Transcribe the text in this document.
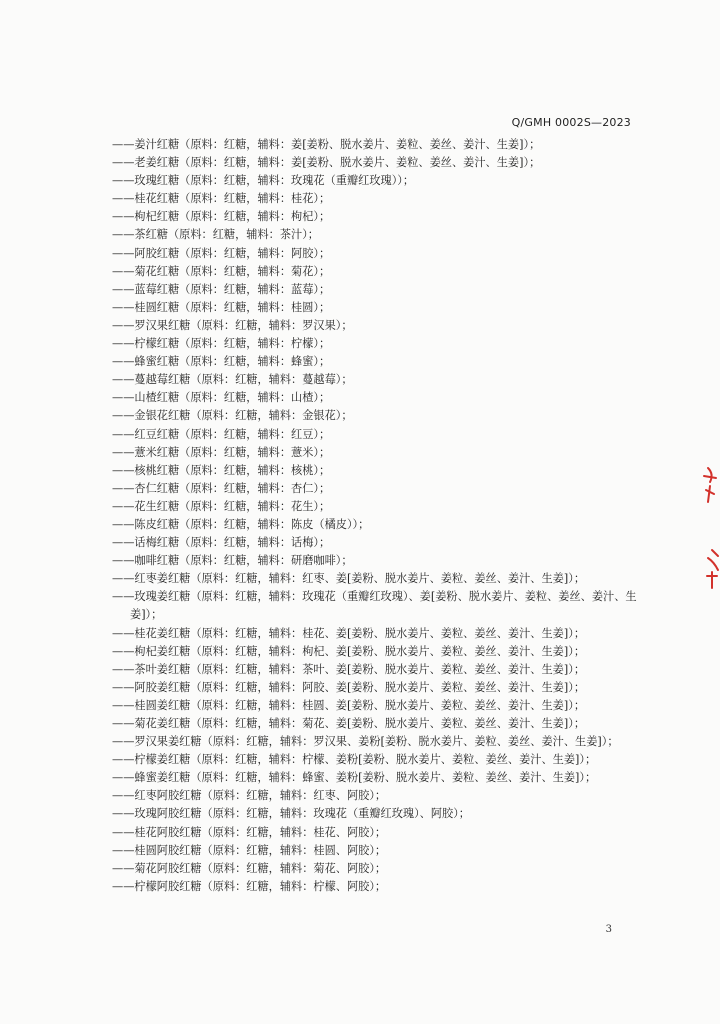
Q/GMH 0002S—2023
——姜汁红糖（原料：红糖，辅料：姜[姜粉、脱水姜片、姜粒、姜丝、姜汁、生姜]）；
——老姜红糖（原料：红糖，辅料：姜[姜粉、脱水姜片、姜粒、姜丝、姜汁、生姜]）；
——玫瑰红糖（原料：红糖，辅料：玫瑰花（重瓣红玫瑰））；
——桂花红糖（原料：红糖，辅料：桂花）；
——枸杞红糖（原料：红糖，辅料：枸杞）；
——茶红糖（原料：红糖，辅料：茶汁）；
——阿胶红糖（原料：红糖，辅料：阿胶）；
——菊花红糖（原料：红糖，辅料：菊花）；
——蓝莓红糖（原料：红糖，辅料：蓝莓）；
——桂圆红糖（原料：红糖，辅料：桂圆）；
——罗汉果红糖（原料：红糖，辅料：罗汉果）；
——柠檬红糖（原料：红糖，辅料：柠檬）；
——蜂蜜红糖（原料：红糖，辅料：蜂蜜）；
——蔓越莓红糖（原料：红糖，辅料：蔓越莓）；
——山楂红糖（原料：红糖，辅料：山楂）；
——金银花红糖（原料：红糖，辅料：金银花）；
——红豆红糖（原料：红糖，辅料：红豆）；
——薏米红糖（原料：红糖，辅料：薏米）；
——核桃红糖（原料：红糖，辅料：核桃）；
——杏仁红糖（原料：红糖，辅料：杏仁）；
——花生红糖（原料：红糖，辅料：花生）；
——陈皮红糖（原料：红糖，辅料：陈皮（橘皮））；
——话梅红糖（原料：红糖，辅料：话梅）；
——咖啡红糖（原料：红糖，辅料：研磨咖啡）；
——红枣姜红糖（原料：红糖，辅料：红枣、姜[姜粉、脱水姜片、姜粒、姜丝、姜汁、生姜]）；
——玫瑰姜红糖（原料：红糖，辅料：玫瑰花（重瓣红玫瑰）、姜[姜粉、脱水姜片、姜粒、姜丝、姜汁、生姜]）；
——桂花姜红糖（原料：红糖，辅料：桂花、姜[姜粉、脱水姜片、姜粒、姜丝、姜汁、生姜]）；
——枸杞姜红糖（原料：红糖，辅料：枸杞、姜[姜粉、脱水姜片、姜粒、姜丝、姜汁、生姜]）；
——茶叶姜红糖（原料：红糖，辅料：茶叶、姜[姜粉、脱水姜片、姜粒、姜丝、姜汁、生姜]）；
——阿胶姜红糖（原料：红糖，辅料：阿胶、姜[姜粉、脱水姜片、姜粒、姜丝、姜汁、生姜]）；
——桂圆姜红糖（原料：红糖，辅料：桂圆、姜[姜粉、脱水姜片、姜粒、姜丝、姜汁、生姜]）；
——菊花姜红糖（原料：红糖，辅料：菊花、姜[姜粉、脱水姜片、姜粒、姜丝、姜汁、生姜]）；
——罗汉果姜红糖（原料：红糖，辅料：罗汉果、姜粉[姜粉、脱水姜片、姜粒、姜丝、姜汁、生姜]）；
——柠檬姜红糖（原料：红糖，辅料：柠檬、姜粉[姜粉、脱水姜片、姜粒、姜丝、姜汁、生姜]）；
——蜂蜜姜红糖（原料：红糖，辅料：蜂蜜、姜粉[姜粉、脱水姜片、姜粒、姜丝、姜汁、生姜]）；
——红枣阿胶红糖（原料：红糖，辅料：红枣、阿胶）；
——玫瑰阿胶红糖（原料：红糖，辅料：玫瑰花（重瓣红玫瑰）、阿胶）；
——桂花阿胶红糖（原料：红糖，辅料：桂花、阿胶）；
——桂圆阿胶红糖（原料：红糖，辅料：桂圆、阿胶）；
——菊花阿胶红糖（原料：红糖，辅料：菊花、阿胶）；
——柠檬阿胶红糖（原料：红糖，辅料：柠檬、阿胶）；
3
